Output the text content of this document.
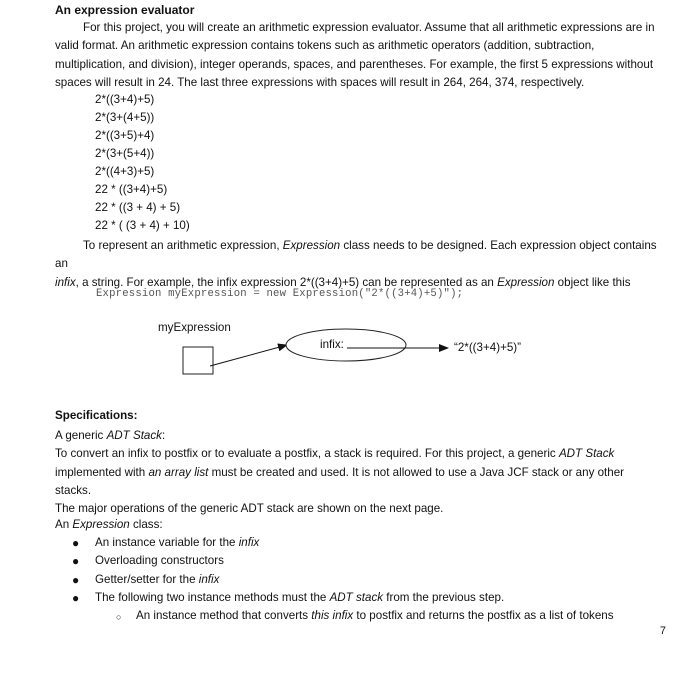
An expression evaluator

For this project, you will create an arithmetic expression evaluator. Assume that all arithmetic expressions are in

valid format. An arithmetic expression contains tokens such as arithmetic operators (addition, subtraction,

multiplication, and division), integer operands, spaces, and parentheses. For example, the first 5 expressions without

spaces will result in 24. The last three expressions with spaces will result in 264, 264, 374, respectively.

2*((3+4)+5)
2*(3+(4+5))
2*((3+5)+4)
2*(3+(5+4))
2*((4+3)+5)
22 * ((3+4)+5)
22 * ((3 + 4) + 5)
22 * ( (3 + 4) + 10)

To represent an arithmetic expression, Expression class needs to be designed. Each expression object contains an

infix, a string. For example, the infix expression 2*((3+4)+5) can be represented as an Expression object like this

Expression myExpression = new Expression("2*((3+4)+5)");
myExpression
infix:	“2*((3+4)+5)”
Specifications:

A generic ADT Stack:

To convert an infix to postfix or to evaluate a postfix, a stack is required. For this project, a generic ADT Stack

implemented with an array list must be created and used. It is not allowed to use a Java JCF stack or any other stacks.

The major operations of the generic ADT stack are shown on the next page.

An Expression class:
● An instance variable for the infix
● Overloading constructors
● Getter/setter for the infix
● The following two instance methods must the ADT stack from the previous step.
○ An instance method that converts this infix to postfix and returns the postfix as a list of tokens
7
